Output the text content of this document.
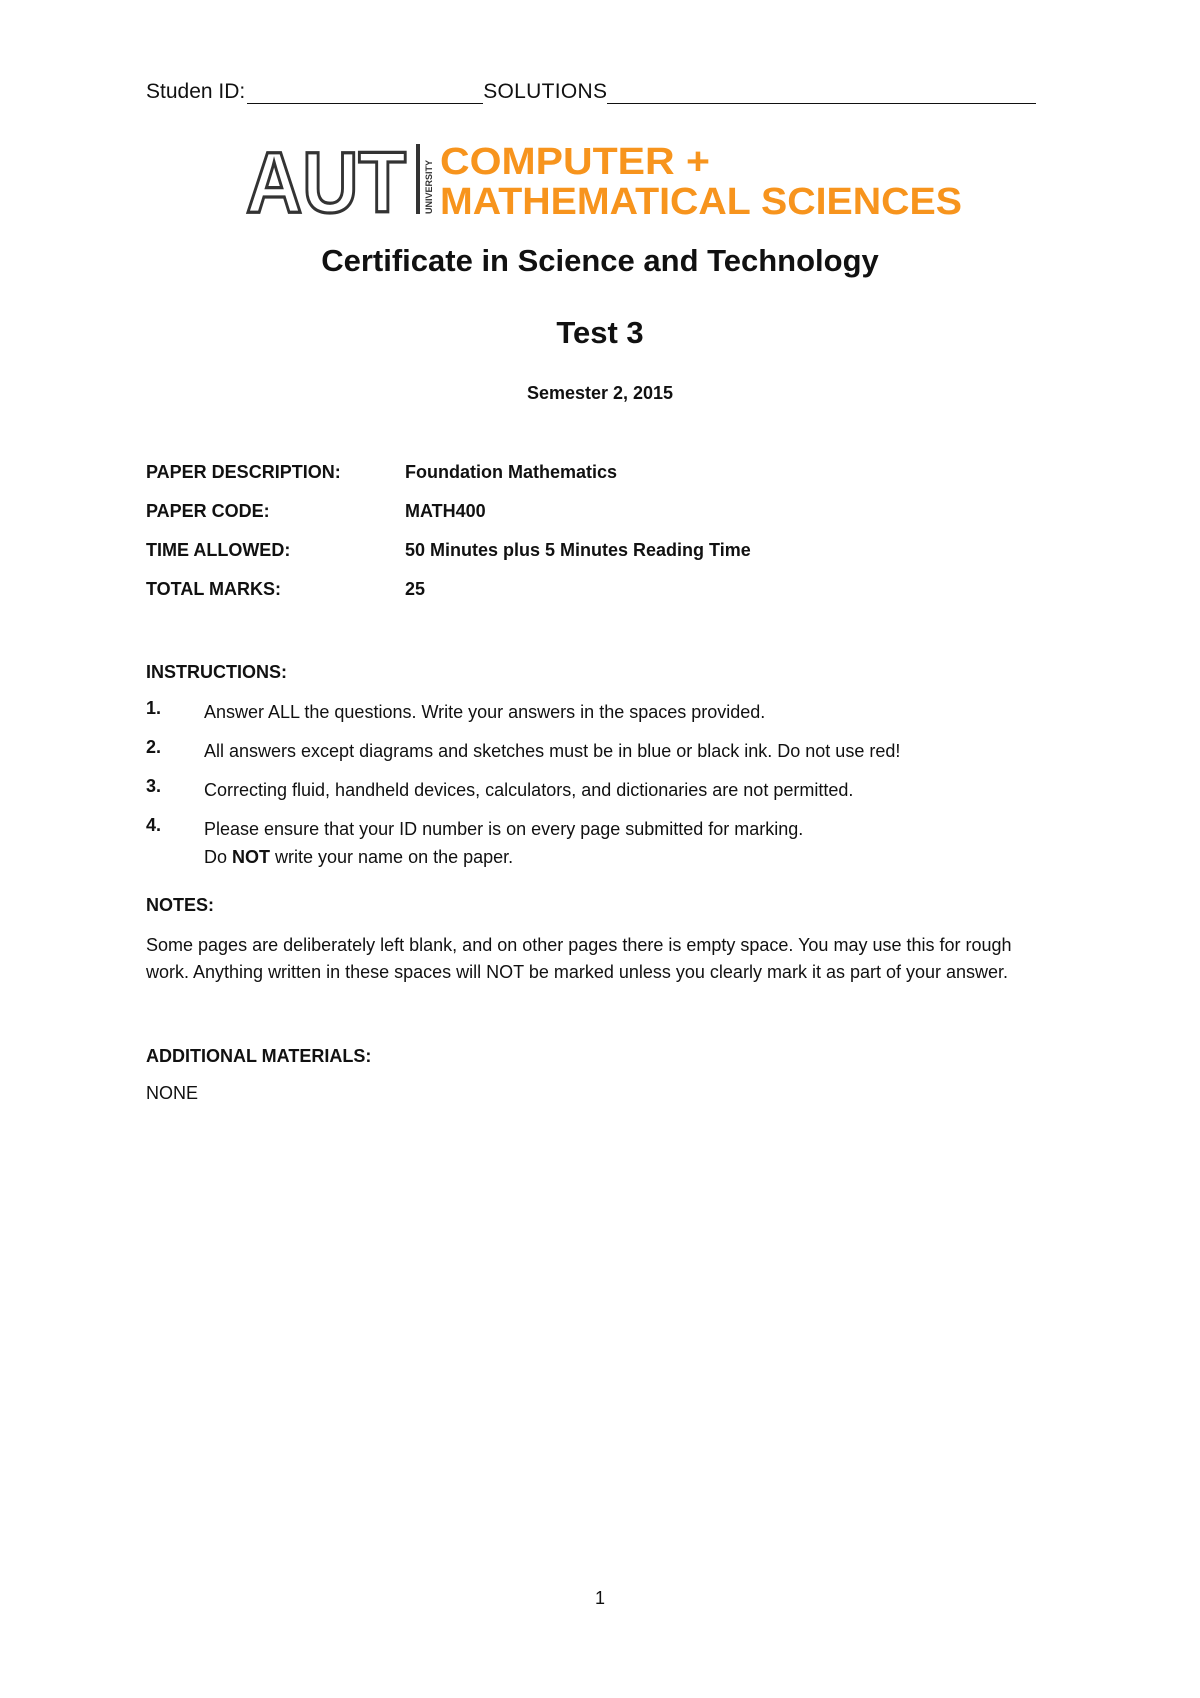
Studen ID:	SOLUTIONS
AUT UNIVERSITY COMPUTER +
MATHEMATICAL SCIENCES
Certificate in Science and Technology
Test 3
Semester 2, 2015
PAPER DESCRIPTION:	Foundation Mathematics
PAPER CODE:	MATH400
TIME ALLOWED:	50 Minutes plus 5 Minutes Reading Time
TOTAL MARKS:	25
INSTRUCTIONS:
1. Answer ALL the questions. Write your answers in the spaces provided.
2. All answers except diagrams and sketches must be in blue or black ink. Do not use red!
3. Correcting fluid, handheld devices, calculators, and dictionaries are not permitted.
4. Please ensure that your ID number is on every page submitted for marking.
Do NOT write your name on the paper.
NOTES:
Some pages are deliberately left blank, and on other pages there is empty space. You may use this for rough work. Anything written in these spaces will NOT be marked unless you clearly mark it as part of your answer.
ADDITIONAL MATERIALS:
NONE
1
